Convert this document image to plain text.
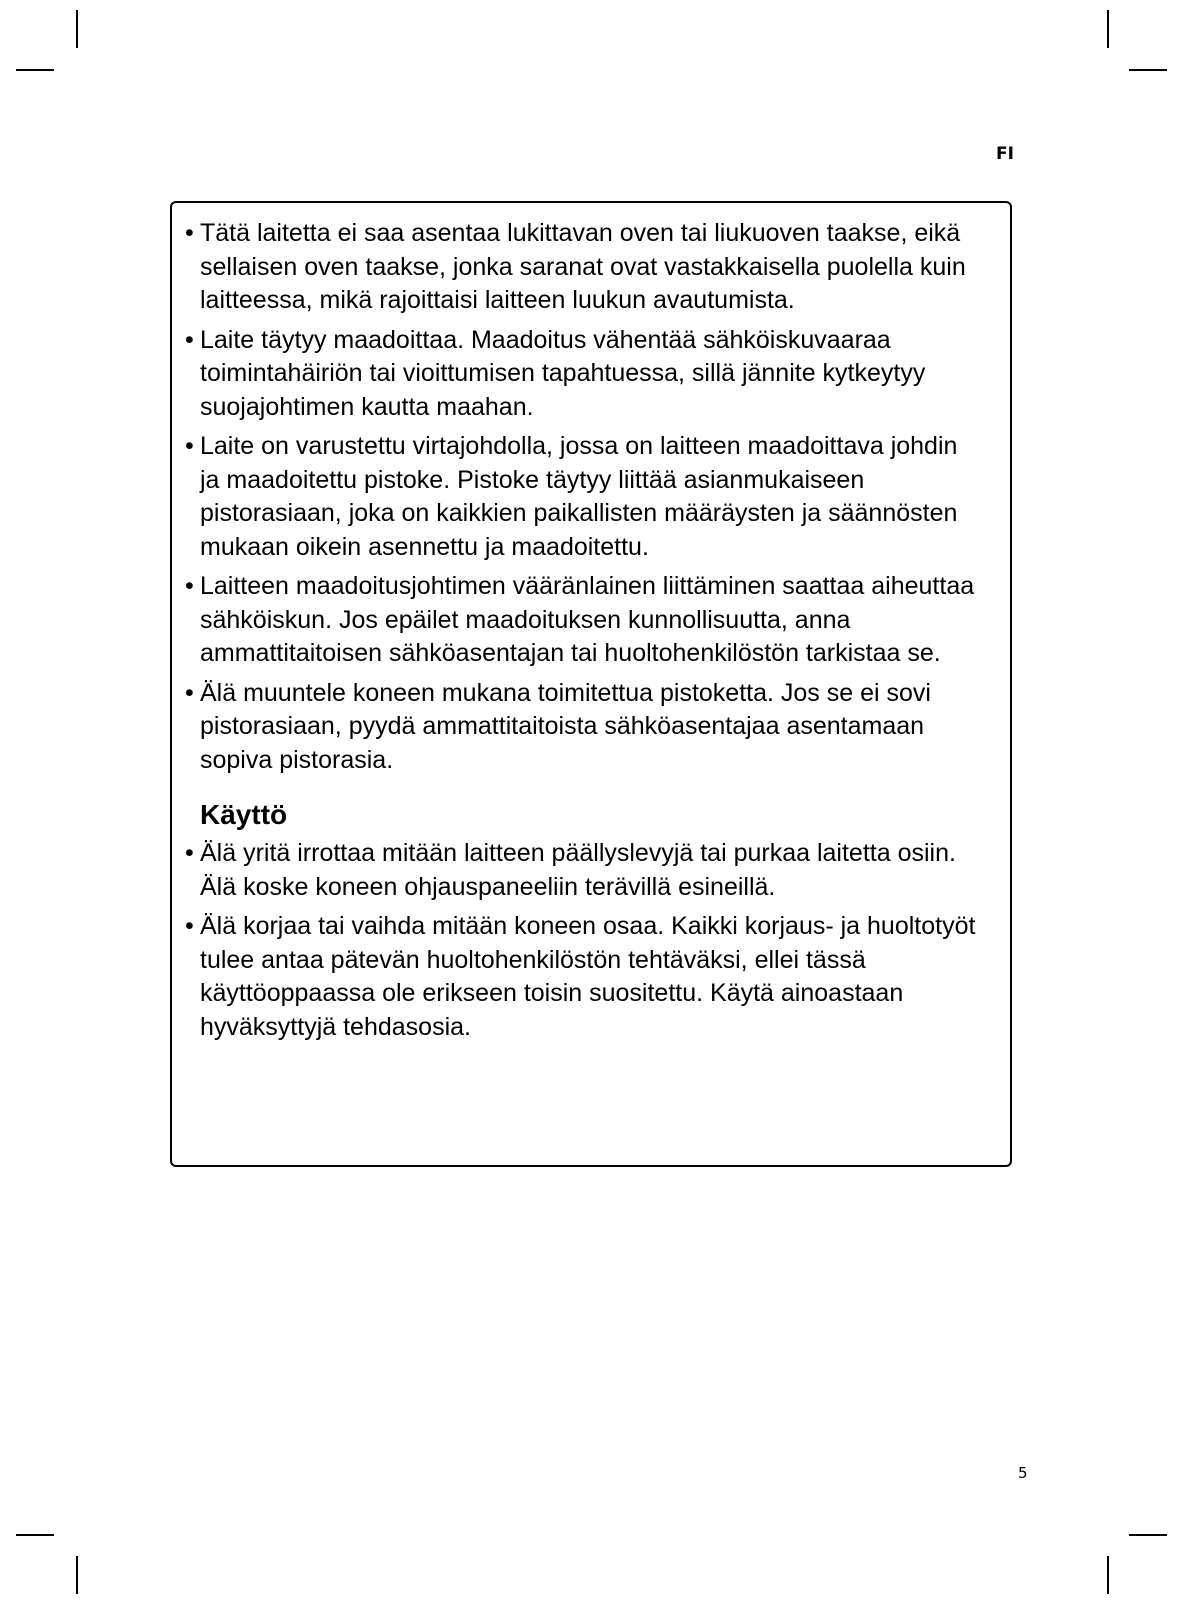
FI
• Tätä laitetta ei saa asentaa lukittavan oven tai liukuoven taakse, eikä sellaisen oven taakse, jonka saranat ovat vastakkaisella puolella kuin laitteessa, mikä rajoittaisi laitteen luukun avautumista.
• Laite täytyy maadoittaa. Maadoitus vähentää sähköiskuvaaraa toimintahäiriön tai vioittumisen tapahtuessa, sillä jännite kytkeytyy suojajohtimen kautta maahan.
• Laite on varustettu virtajohdolla, jossa on laitteen maadoittava johdin ja maadoitettu pistoke. Pistoke täytyy liittää asianmukaiseen pistorasiaan, joka on kaikkien paikallisten määräysten ja säännösten mukaan oikein asennettu ja maadoitettu.
• Laitteen maadoitusjohtimen vääränlainen liittäminen saattaa aiheuttaa sähköiskun. Jos epäilet maadoituksen kunnollisuutta, anna ammattitaitoisen sähköasentajan tai huoltohenkilöstön tarkistaa se.
• Älä muuntele koneen mukana toimitettua pistoketta. Jos se ei sovi pistorasiaan, pyydä ammattitaitoista sähköasentajaa asentamaan sopiva pistorasia.
Käyttö
• Älä yritä irrottaa mitään laitteen päällyslevyjä tai purkaa laitetta osiin. Älä koske koneen ohjauspaneeliin terävillä esineillä.
• Älä korjaa tai vaihda mitään koneen osaa. Kaikki korjaus- ja huoltotyöt tulee antaa pätevän huoltohenkilöstön tehtäväksi, ellei tässä käyttöoppaassa ole erikseen toisin suositettu. Käytä ainoastaan hyväksyttyjä tehdasosia.
5
